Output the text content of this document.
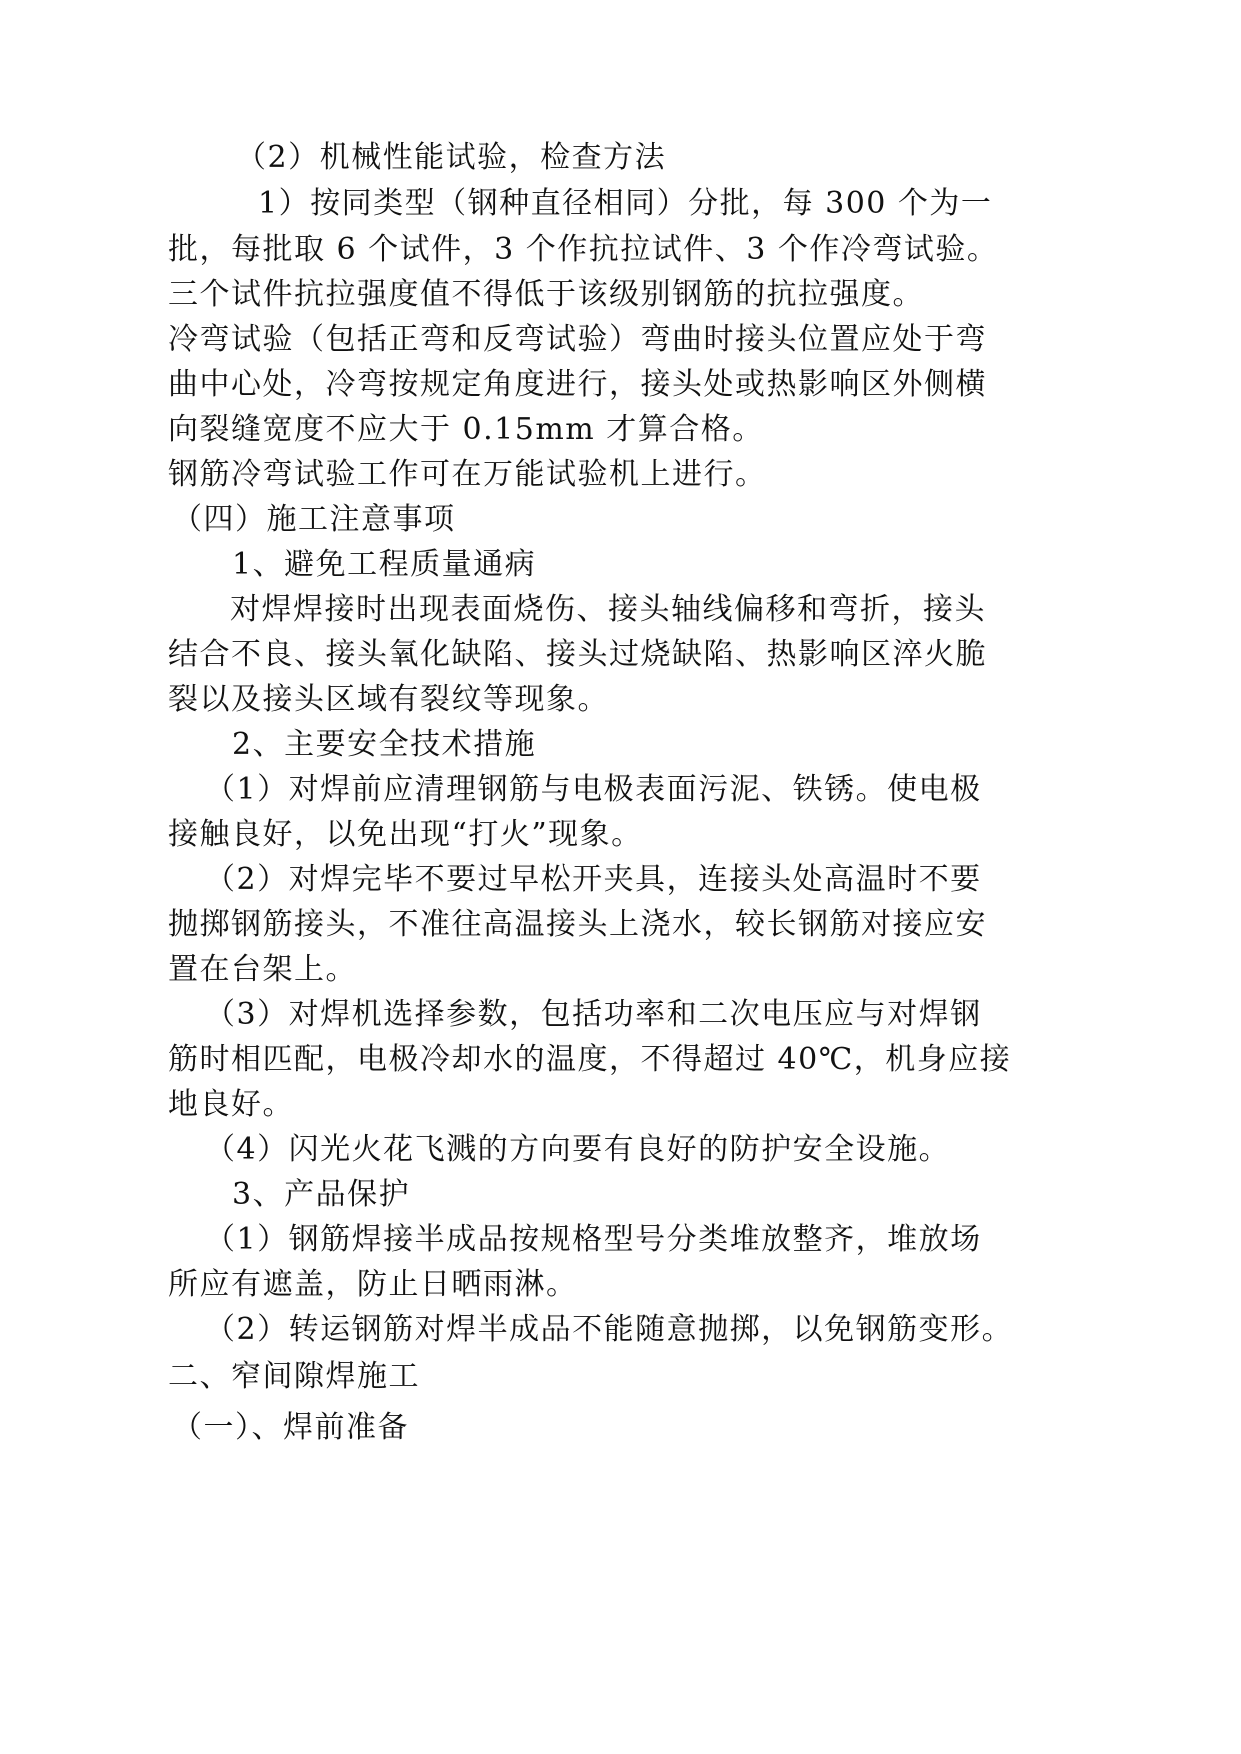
（2）机械性能试验，检查方法
1）按同类型（钢种直径相同）分批，每 300 个为一
批，每批取 6 个试件，3 个作抗拉试件、3 个作冷弯试验。
三个试件抗拉强度值不得低于该级别钢筋的抗拉强度。
冷弯试验（包括正弯和反弯试验）弯曲时接头位置应处于弯
曲中心处，冷弯按规定角度进行，接头处或热影响区外侧横
向裂缝宽度不应大于 0.15mm 才算合格。
钢筋冷弯试验工作可在万能试验机上进行。
（四）施工注意事项
1、避免工程质量通病
对焊焊接时出现表面烧伤、接头轴线偏移和弯折，接头
结合不良、接头氧化缺陷、接头过烧缺陷、热影响区淬火脆
裂以及接头区域有裂纹等现象。
2、主要安全技术措施
（1）对焊前应清理钢筋与电极表面污泥、铁锈。使电极
接触良好，以免出现“打火”现象。
（2）对焊完毕不要过早松开夹具，连接头处高温时不要
抛掷钢筋接头，不准往高温接头上浇水，较长钢筋对接应安
置在台架上。
（3）对焊机选择参数，包括功率和二次电压应与对焊钢
筋时相匹配，电极冷却水的温度，不得超过 40℃，机身应接
地良好。
（4）闪光火花飞溅的方向要有良好的防护安全设施。
3、产品保护
（1）钢筋焊接半成品按规格型号分类堆放整齐，堆放场
所应有遮盖，防止日晒雨淋。
（2）转运钢筋对焊半成品不能随意抛掷，以免钢筋变形。
二、窄间隙焊施工
（一）、焊前准备
